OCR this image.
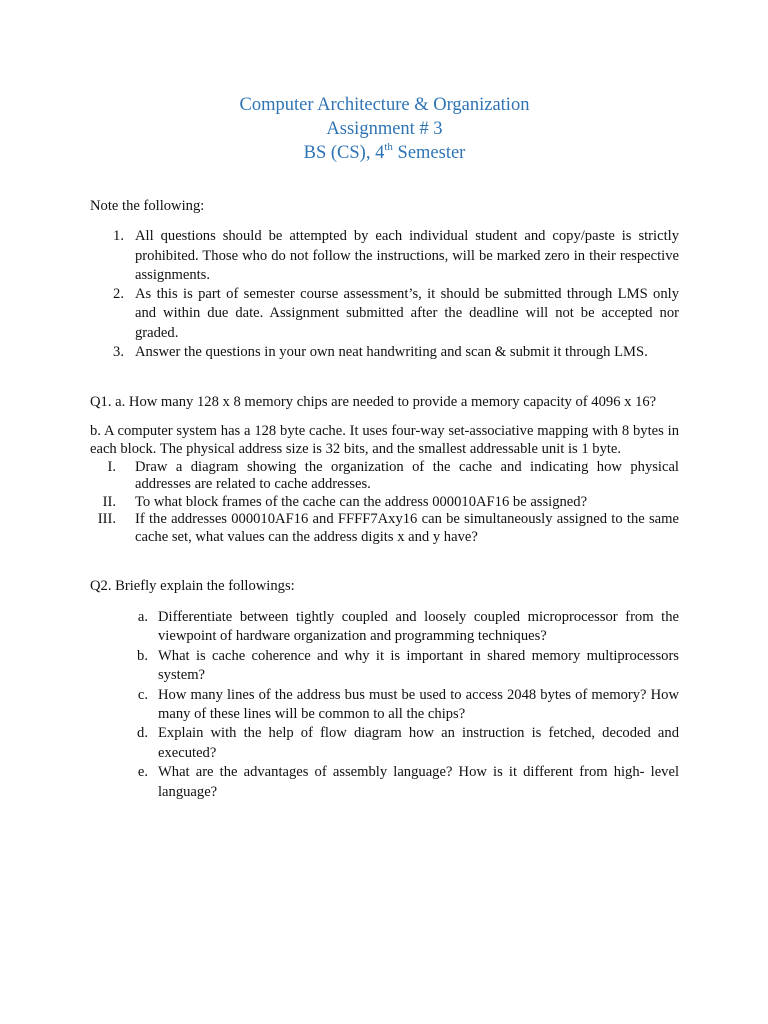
Computer Architecture & Organization
Assignment # 3
BS (CS), 4th Semester
Note the following:
1. All questions should be attempted by each individual student and copy/paste is strictly prohibited. Those who do not follow the instructions, will be marked zero in their respective assignments.
2. As this is part of semester course assessment’s, it should be submitted through LMS only and within due date. Assignment submitted after the deadline will not be accepted nor graded.
3. Answer the questions in your own neat handwriting and scan & submit it through LMS.
Q1. a. How many 128 x 8 memory chips are needed to provide a memory capacity of 4096 x 16?
b. A computer system has a 128 byte cache. It uses four-way set-associative mapping with 8 bytes in each block. The physical address size is 32 bits, and the smallest addressable unit is 1 byte.
I.	Draw a diagram showing the organization of the cache and indicating how physical addresses are related to cache addresses.
II.	To what block frames of the cache can the address 000010AF16 be assigned?
III.	If the addresses 000010AF16 and FFFF7Axy16 can be simultaneously assigned to the same cache set, what values can the address digits x and y have?
Q2. Briefly explain the followings:
a. Differentiate between tightly coupled and loosely coupled microprocessor from the viewpoint of hardware organization and programming techniques?
b. What is cache coherence and why it is important in shared memory multiprocessors system?
c. How many lines of the address bus must be used to access 2048 bytes of memory? How many of these lines will be common to all the chips?
d. Explain with the help of flow diagram how an instruction is fetched, decoded and executed?
e. What are the advantages of assembly language? How is it different from high- level language?
